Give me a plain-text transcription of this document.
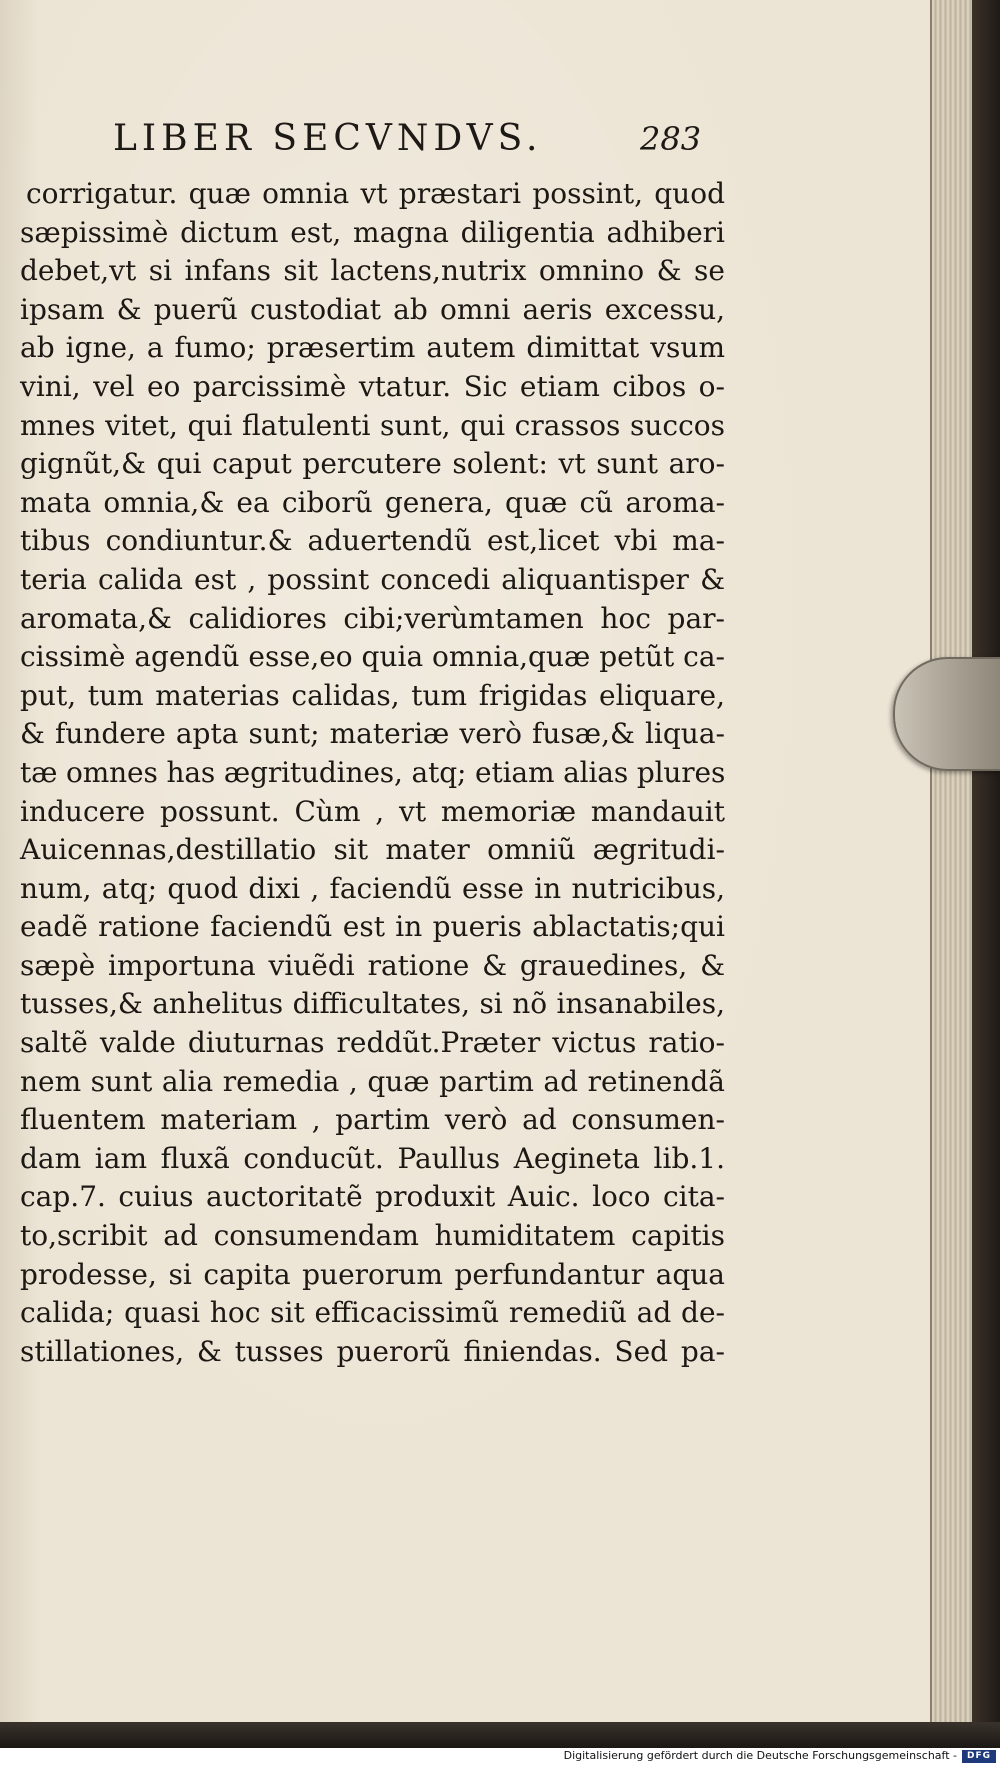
LIBER SECVNDVS.	283
corrigatur. quæ omnia vt præstari possint, quod
sæpissimè dictum est, magna diligentia adhiberi
debet,vt si infans sit lactens,nutrix omnino & se
ipsam & puerũ custodiat ab omni aeris excessu,
ab igne, a fumo; præsertim autem dimittat vsum
vini, vel eo parcissimè vtatur. Sic etiam cibos o-
mnes vitet, qui flatulenti sunt, qui crassos succos
gignũt,& qui caput percutere solent: vt sunt aro-
mata omnia,& ea ciborũ genera, quæ cũ aroma-
tibus condiuntur.& aduertendũ est,licet vbi ma-
teria calida est , possint concedi aliquantisper &
aromata,& calidiores cibi;verùmtamen hoc par-
cissimè agendũ esse,eo quia omnia,quæ petũt ca-
put, tum materias calidas, tum frigidas eliquare,
& fundere apta sunt; materiæ verò fusæ,& liqua-
tæ omnes has ægritudines, atq; etiam alias plures
inducere possunt. Cùm , vt memoriæ mandauit
Auicennas,destillatio sit mater omniũ ægritudi-
num, atq; quod dixi , faciendũ esse in nutricibus,
eadẽ ratione faciendũ est in pueris ablactatis;qui
sæpè importuna viuẽdi ratione & grauedines, &
tusses,& anhelitus difficultates, si nõ insanabiles,
saltẽ valde diuturnas reddũt.Præter victus ratio-
nem sunt alia remedia , quæ partim ad retinendã
fluentem materiam , partim verò ad consumen-
dam iam fluxã conducũt. Paullus Aegineta lib.1.
cap.7. cuius auctoritatẽ produxit Auic. loco cita-
to,scribit ad consumendam humiditatem capitis
prodesse, si capita puerorum perfundantur aqua
calida; quasi hoc sit efficacissimũ remediũ ad de-
stillationes, & tusses puerorũ finiendas. Sed pa-
Digitalisierung gefördert durch die Deutsche Forschungsgemeinschaft -	DFG
